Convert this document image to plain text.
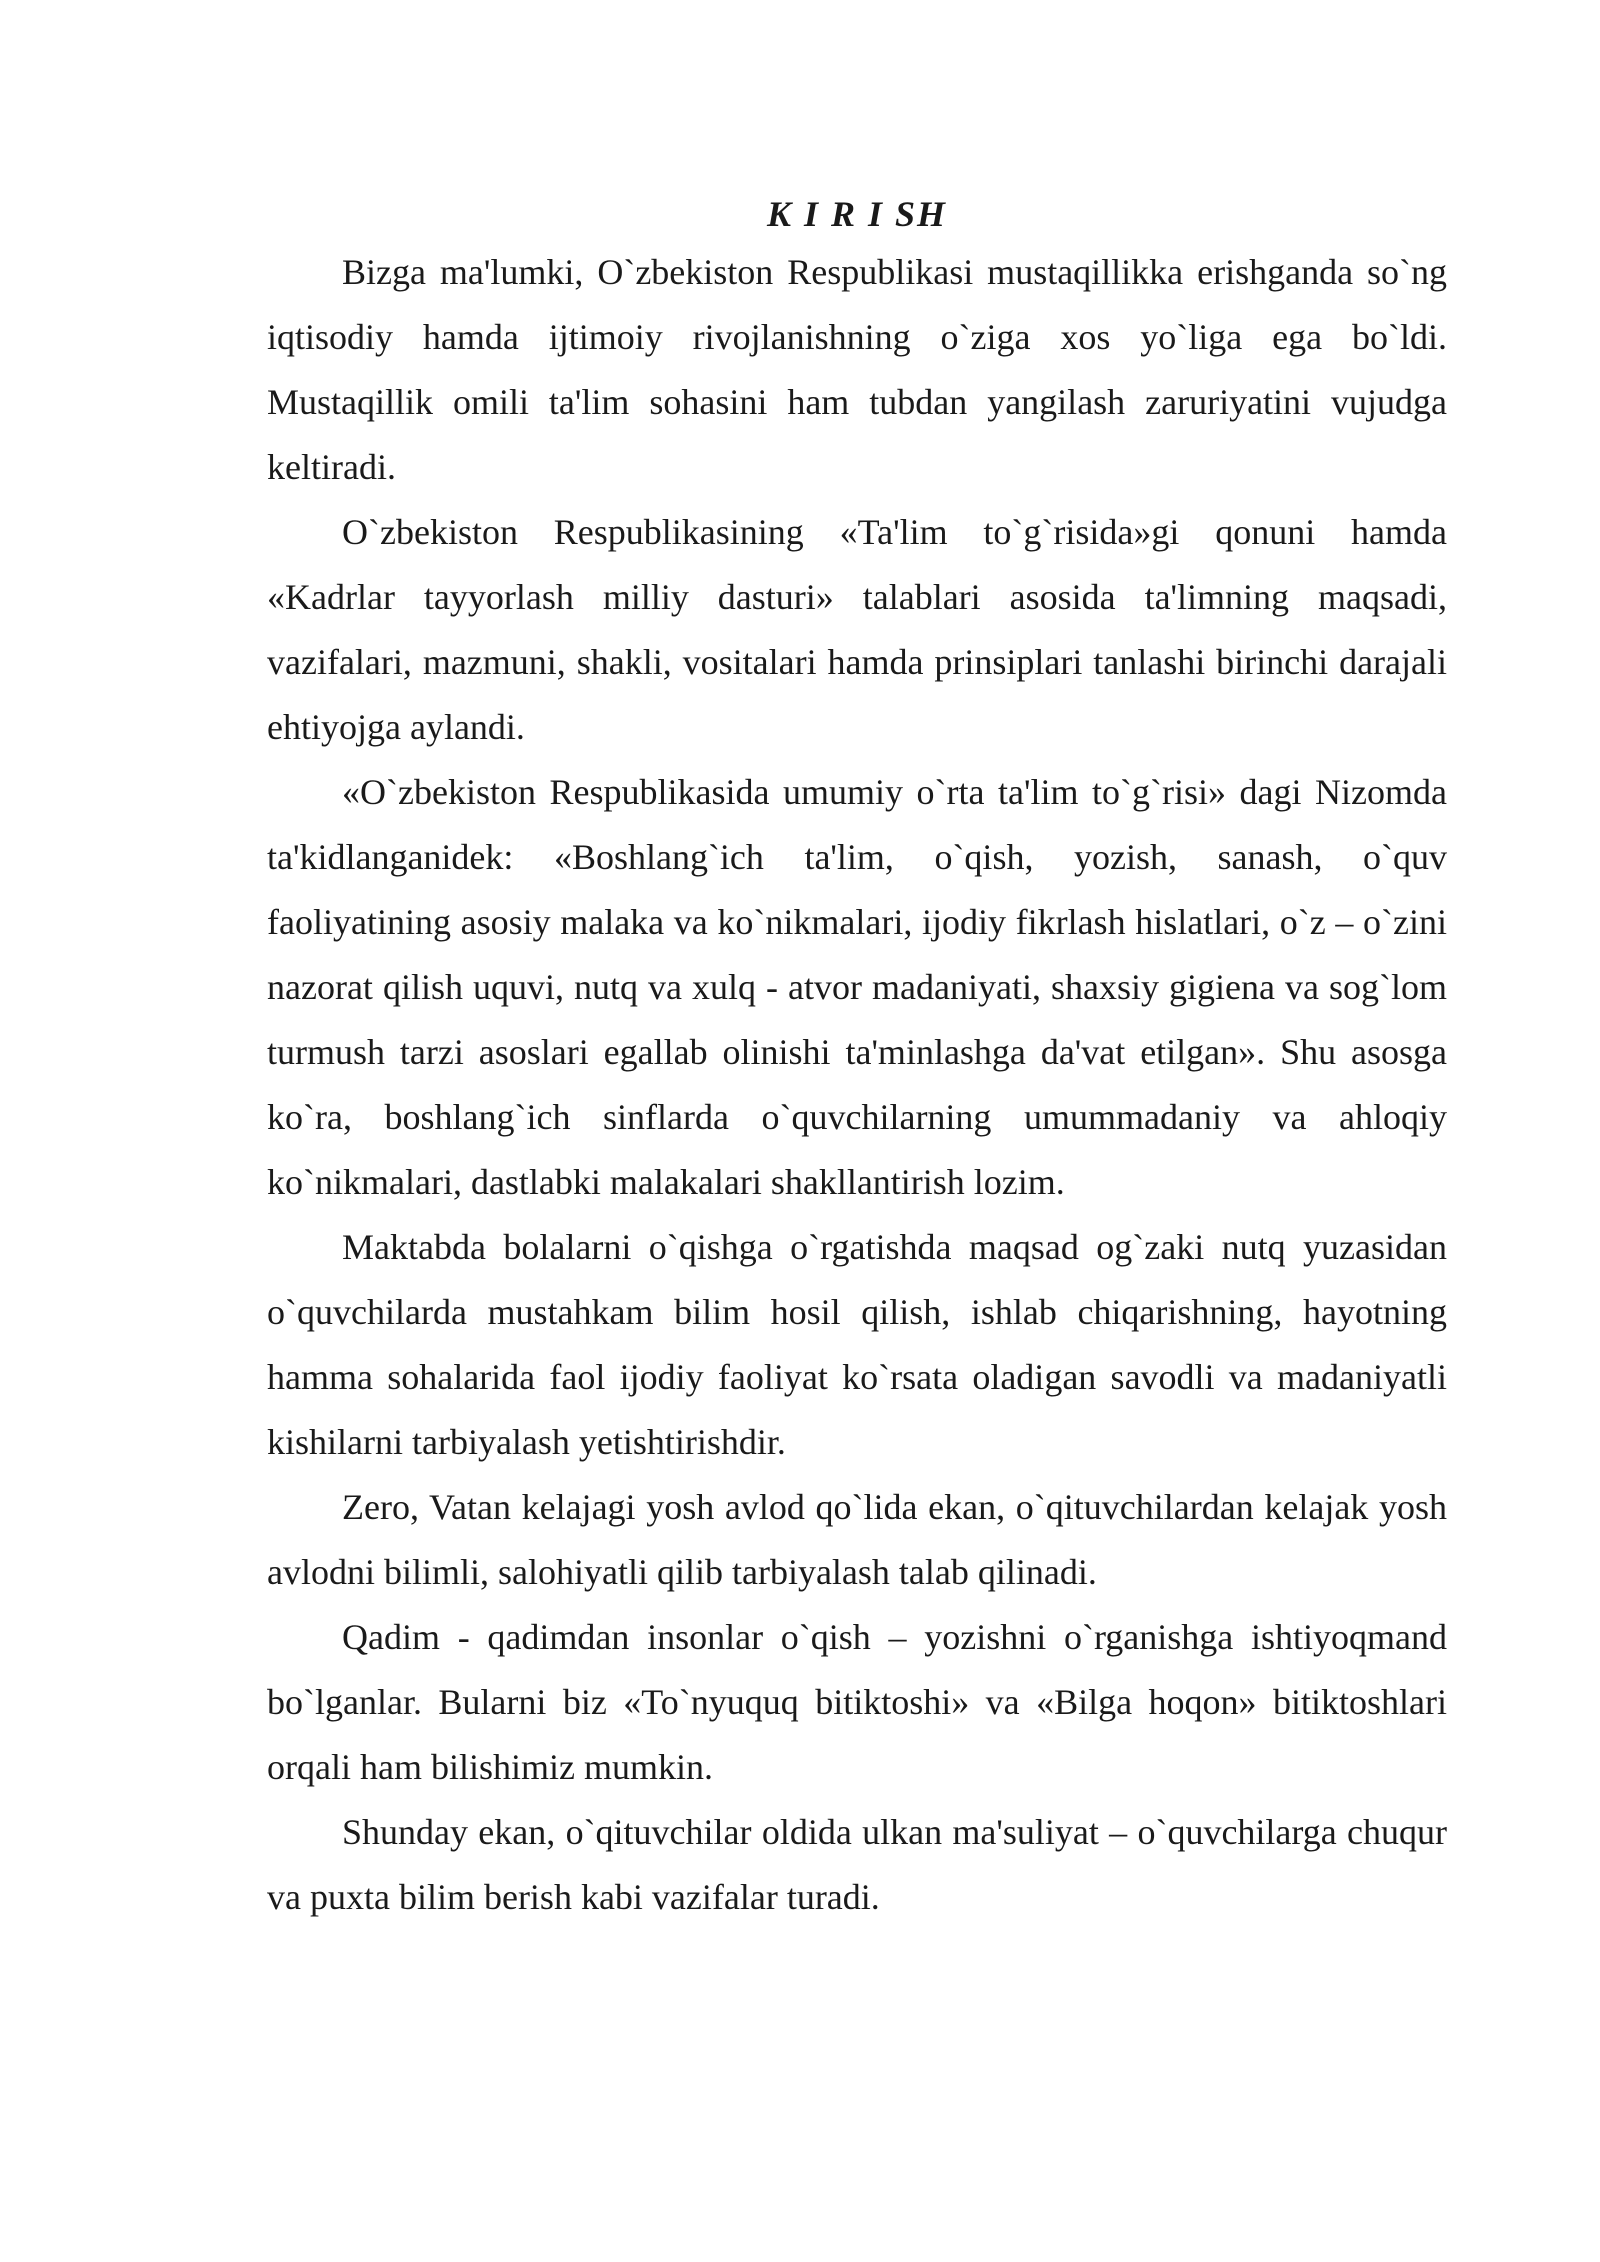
K I R I SH

Bizga ma'lumki, O`zbekiston Respublikasi mustaqillikka erishganda so`ng iqtisodiy hamda ijtimoiy rivojlanishning o`ziga xos yo`liga ega bo`ldi. Mustaqillik omili ta'lim sohasini ham tubdan yangilash zaruriyatini vujudga keltiradi.

O`zbekiston Respublikasining «Ta'lim to`g`risida»gi qonuni hamda «Kadrlar tayyorlash milliy dasturi» talablari asosida ta'limning maqsadi, vazifalari, mazmuni, shakli, vositalari hamda prinsiplari tanlashi birinchi darajali ehtiyojga aylandi.

«O`zbekiston Respublikasida umumiy o`rta ta'lim to`g`risi» dagi Nizomda ta'kidlanganidek: «Boshlang`ich ta'lim, o`qish, yozish, sanash, o`quv faoliyatining asosiy malaka va ko`nikmalari, ijodiy fikrlash hislatlari, o`z – o`zini nazorat qilish uquvi, nutq va xulq - atvor madaniyati, shaxsiy gigiena va sog`lom turmush tarzi asoslari egallab olinishi ta'minlashga da'vat etilgan». Shu asosga ko`ra, boshlang`ich sinflarda o`quvchilarning umummadaniy va ahloqiy ko`nikmalari, dastlabki malakalari shakllantirish lozim.

Maktabda bolalarni o`qishga o`rgatishda maqsad og`zaki nutq yuzasidan o`quvchilarda mustahkam bilim hosil qilish, ishlab chiqarishning, hayotning hamma sohalarida faol ijodiy faoliyat ko`rsata oladigan savodli va madaniyatli kishilarni tarbiyalash yetishtirishdir.

Zero, Vatan kelajagi yosh avlod qo`lida ekan, o`qituvchilardan kelajak yosh avlodni bilimli, salohiyatli qilib tarbiyalash talab qilinadi.

Qadim - qadimdan insonlar o`qish – yozishni o`rganishga ishtiyoqmand bo`lganlar. Bularni biz «To`nyuquq bitiktoshi» va «Bilga hoqon» bitiktoshlari orqali ham bilishimiz mumkin.

Shunday ekan, o`qituvchilar oldida ulkan ma'suliyat – o`quvchilarga chuqur va puxta bilim berish kabi vazifalar turadi.
